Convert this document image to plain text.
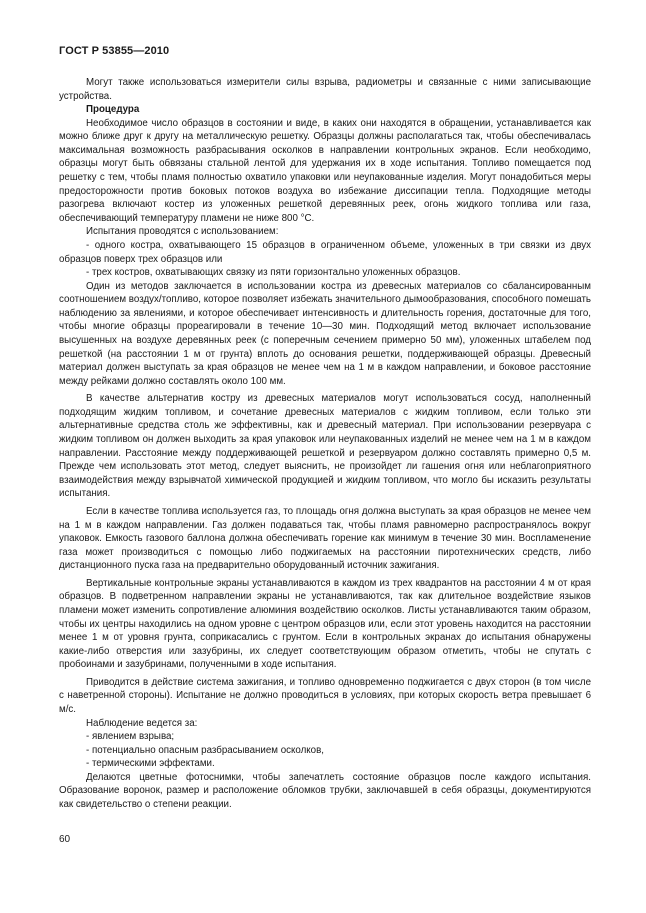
ГОСТ Р 53855—2010

Могут также использоваться измерители силы взрыва, радиометры и связанные с ними записывающие устройства.

Процедура

Необходимое число образцов в состоянии и виде, в каких они находятся в обращении, устанавливается как можно ближе друг к другу на металлическую решетку. Образцы должны располагаться так, чтобы обеспечивалась максимальная возможность разбрасывания осколков в направлении контрольных экранов. Если необходимо, образцы могут быть обвязаны стальной лентой для удержания их в ходе испытания. Топливо помещается под решетку с тем, чтобы пламя полностью охватило упаковки или неупакованные изделия. Могут понадобиться меры предосторожности против боковых потоков воздуха во избежание диссипации тепла. Подходящие методы разогрева включают костер из уложенных решеткой деревянных реек, огонь жидкого топлива или газа, обеспечивающий температуру пламени не ниже 800 °С.

Испытания проводятся с использованием:

- одного костра, охватывающего 15 образцов в ограниченном объеме, уложенных в три связки из двух образцов поверх трех образцов или

- трех костров, охватывающих связку из пяти горизонтально уложенных образцов.

Один из методов заключается в использовании костра из древесных материалов со сбалансированным соотношением воздух/топливо, которое позволяет избежать значительного дымообразования, способного помешать наблюдению за явлениями, и которое обеспечивает интенсивность и длительность горения, достаточные для того, чтобы многие образцы прореагировали в течение 10—30 мин. Подходящий метод включает использование высушенных на воздухе деревянных реек (с поперечным сечением примерно 50 мм), уложенных штабелем под решеткой (на расстоянии 1 м от грунта) вплоть до основания решетки, поддерживающей образцы. Древесный материал должен выступать за края образцов не менее чем на 1 м в каждом направлении, и боковое расстояние между рейками должно составлять около 100 мм.

В качестве альтернатив костру из древесных материалов могут использоваться сосуд, наполненный подходящим жидким топливом, и сочетание древесных материалов с жидким топливом, если только эти альтернативные средства столь же эффективны, как и древесный материал. При использовании резервуара с жидким топливом он должен выходить за края упаковок или неупакованных изделий не менее чем на 1 м в каждом направлении. Расстояние между поддерживающей решеткой и резервуаром должно составлять примерно 0,5 м. Прежде чем использовать этот метод, следует выяснить, не произойдет ли гашения огня или неблагоприятного взаимодействия между взрывчатой химической продукцией и жидким топливом, что могло бы исказить результаты испытания.

Если в качестве топлива используется газ, то площадь огня должна выступать за края образцов не менее чем на 1 м в каждом направлении. Газ должен подаваться так, чтобы пламя равномерно распространялось вокруг упаковок. Емкость газового баллона должна обеспечивать горение как минимум в течение 30 мин. Воспламенение газа может производиться с помощью либо поджигаемых на расстоянии пиротехнических средств, либо дистанционного пуска газа на предварительно оборудованный источник зажигания.

Вертикальные контрольные экраны устанавливаются в каждом из трех квадрантов на расстоянии 4 м от края образцов. В подветренном направлении экраны не устанавливаются, так как длительное воздействие языков пламени может изменить сопротивление алюминия воздействию осколков. Листы устанавливаются таким образом, чтобы их центры находились на одном уровне с центром образцов или, если этот уровень находится на расстоянии менее 1 м от уровня грунта, соприкасались с грунтом. Если в контрольных экранах до испытания обнаружены какие-либо отверстия или зазубрины, их следует соответствующим образом отметить, чтобы не спутать с пробоинами и зазубринами, полученными в ходе испытания.

Приводится в действие система зажигания, и топливо одновременно поджигается с двух сторон (в том числе с наветренной стороны). Испытание не должно проводиться в условиях, при которых скорость ветра превышает 6 м/с.

Наблюдение ведется за:

- явлением взрыва;

- потенциально опасным разбрасыванием осколков,

- термическими эффектами.

Делаются цветные фотоснимки, чтобы запечатлеть состояние образцов после каждого испытания. Образование воронок, размер и расположение обломков трубки, заключавшей в себя образцы, документируются как свидетельство о степени реакции.

60
